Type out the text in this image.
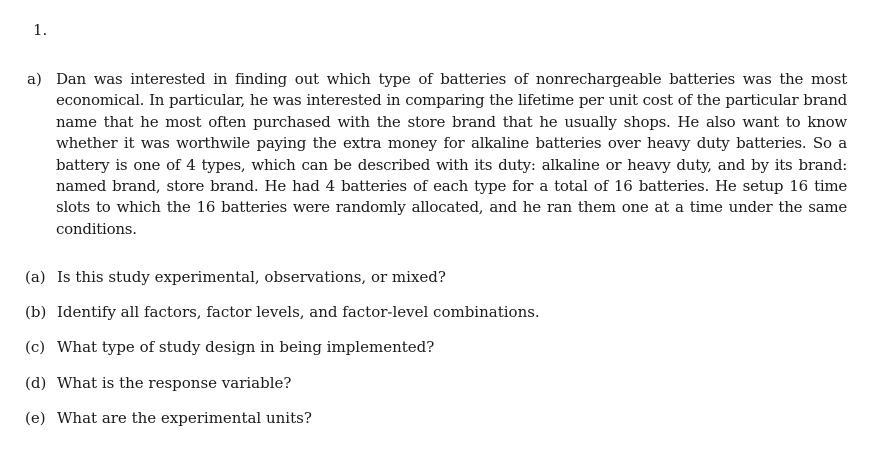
1.
a) Dan was interested in finding out which type of batteries of nonrechargeable batteries was the most economical. In particular, he was interested in comparing the lifetime per unit cost of the particular brand name that he most often purchased with the store brand that he usually shops. He also want to know whether it was worthwile paying the extra money for alkaline batteries over heavy duty batteries. So a battery is one of 4 types, which can be described with its duty: alkaline or heavy duty, and by its brand: named brand, store brand. He had 4 batteries of each type for a total of 16 batteries. He setup 16 time slots to which the 16 batteries were randomly allocated, and he ran them one at a time under the same conditions.
(a) Is this study experimental, observations, or mixed?
(b) Identify all factors, factor levels, and factor-level combinations.
(c) What type of study design in being implemented?
(d) What is the response variable?
(e) What are the experimental units?
